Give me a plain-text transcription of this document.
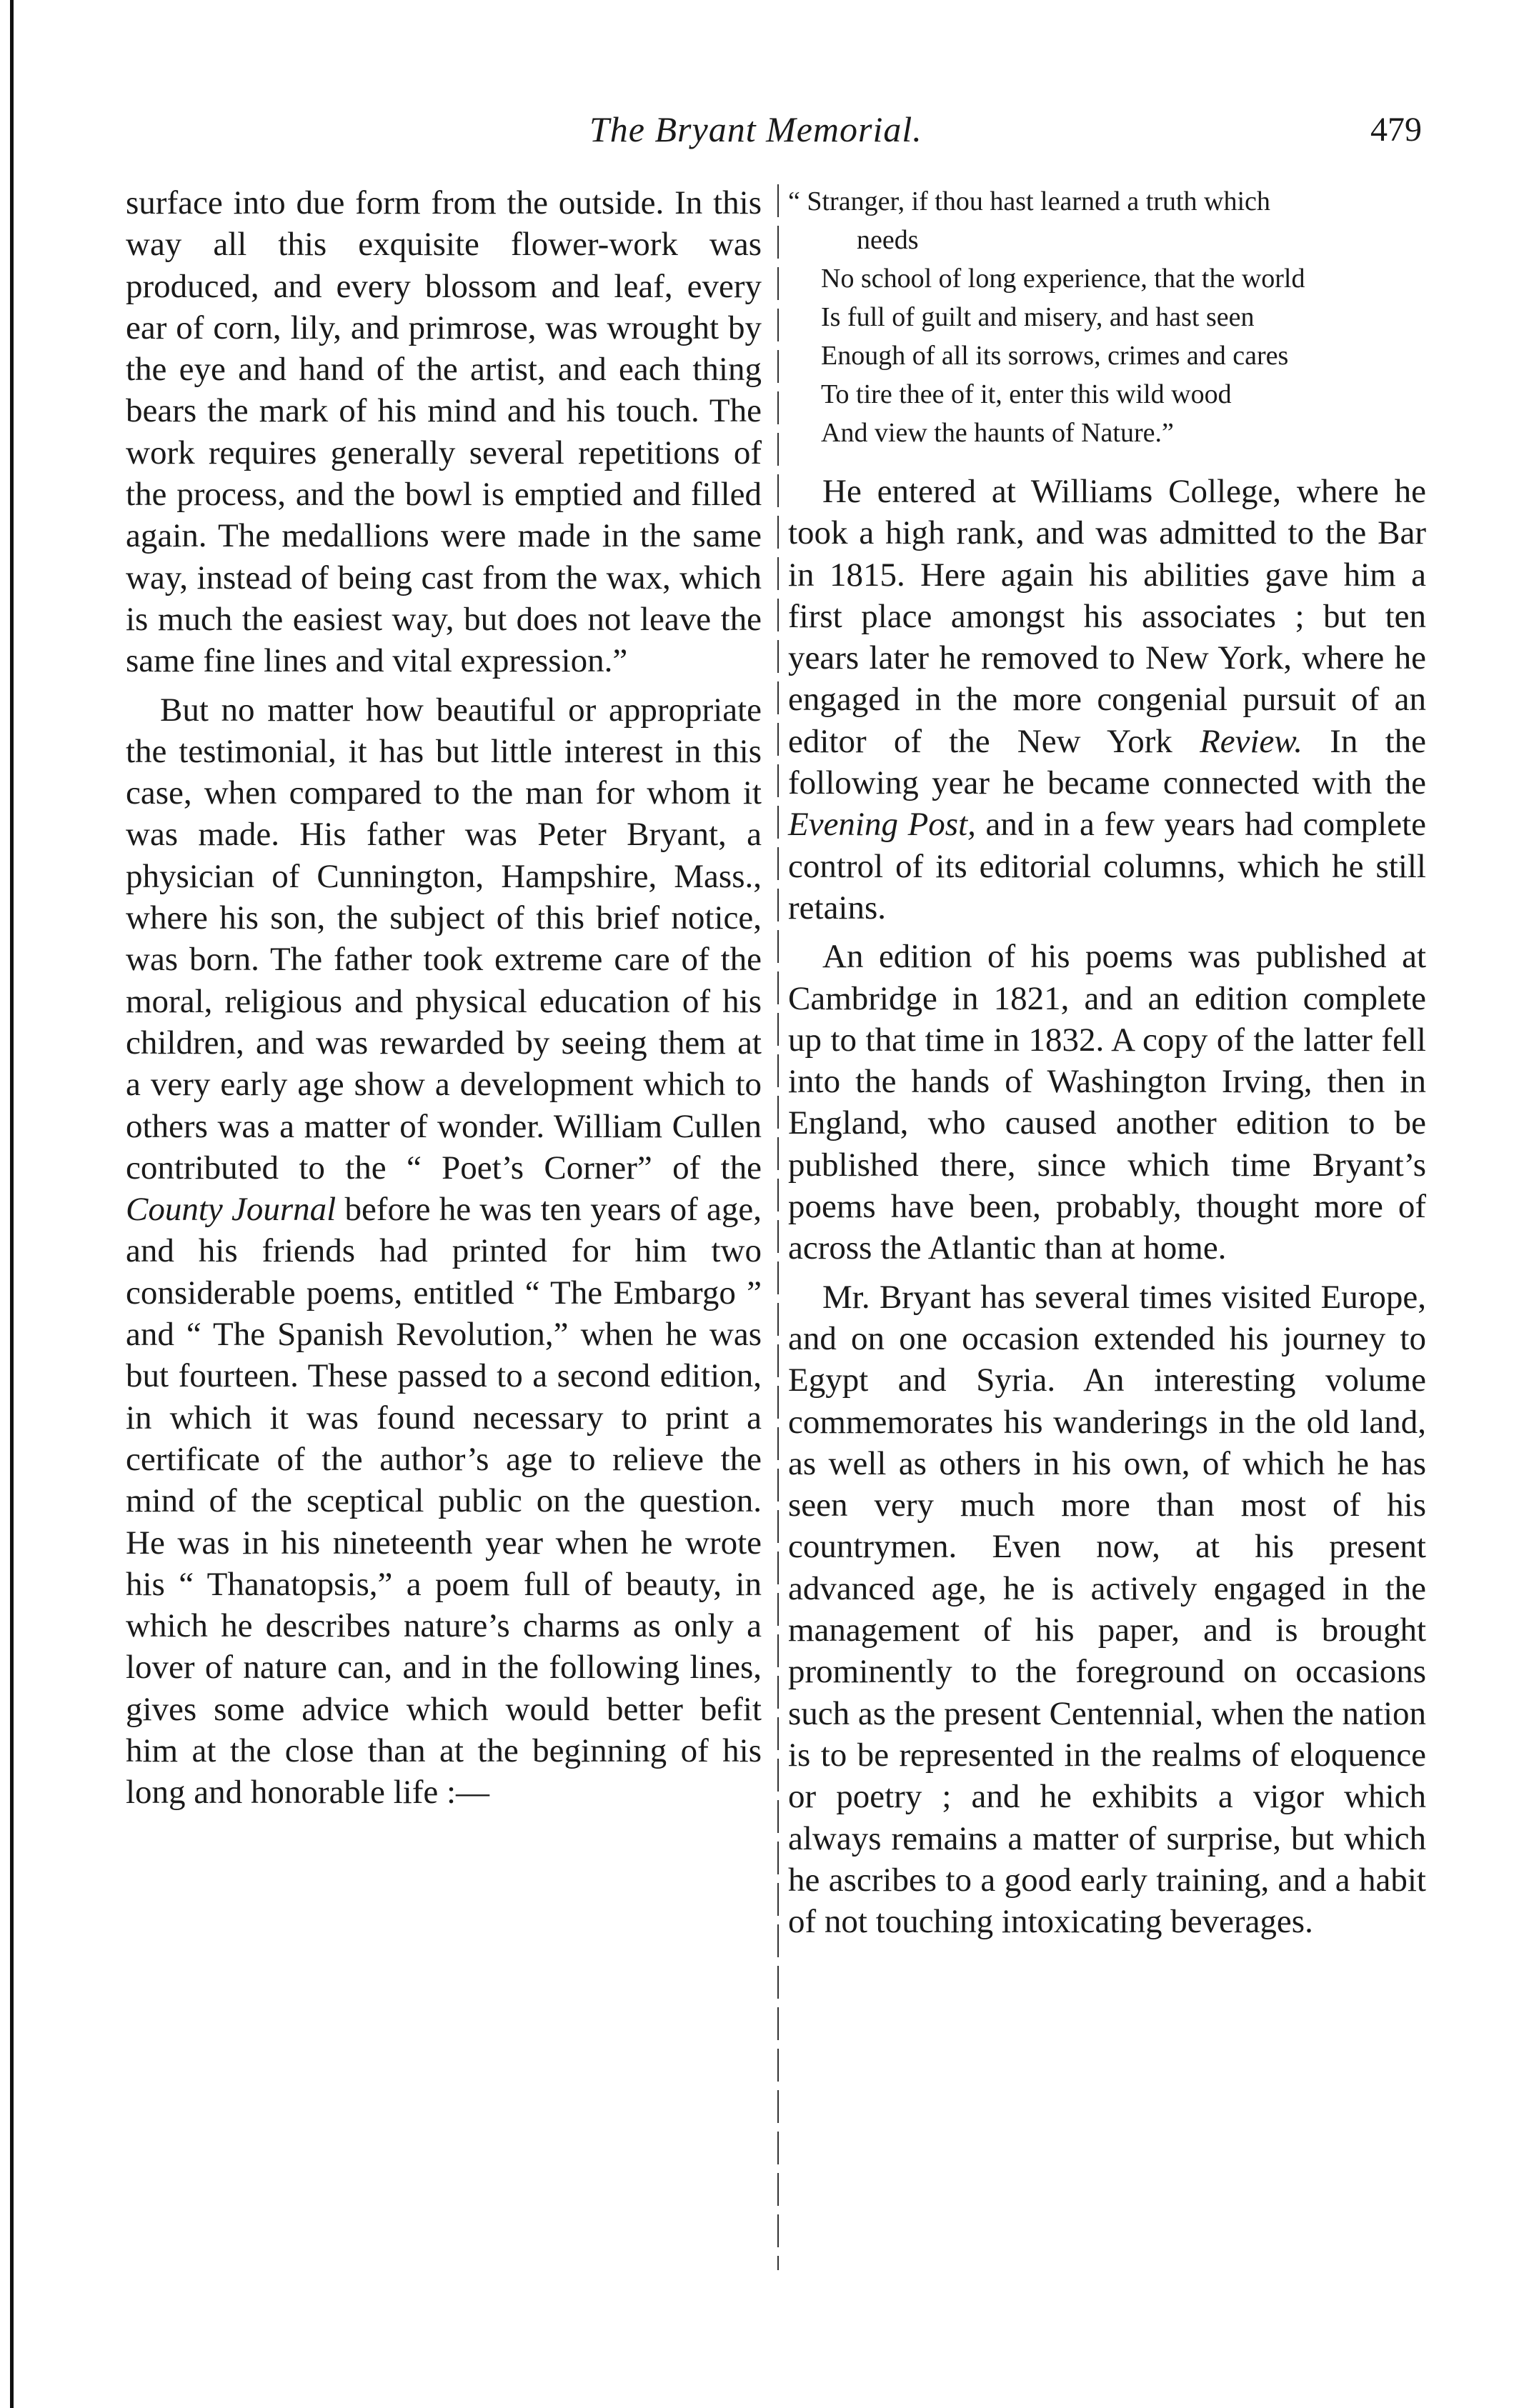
The Bryant Memorial.	479

surface into due form from the outside. In this way all this exquisite flower-work was produced, and every blossom and leaf, every ear of corn, lily, and primrose, was wrought by the eye and hand of the artist, and each thing bears the mark of his mind and his touch. The work requires generally several repetitions of the process, and the bowl is emptied and filled again. The medallions were made in the same way, instead of being cast from the wax, which is much the easiest way, but does not leave the same fine lines and vital expression.”

But no matter how beautiful or appropriate the testimonial, it has but little interest in this case, when compared to the man for whom it was made. His father was Peter Bryant, a physician of Cunnington, Hampshire, Mass., where his son, the subject of this brief notice, was born. The father took extreme care of the moral, religious and physical education of his children, and was rewarded by seeing them at a very early age show a development which to others was a matter of wonder. William Cullen contributed to the “ Poet’s Corner” of the County Journal before he was ten years of age, and his friends had printed for him two considerable poems, entitled “ The Embargo ” and “ The Spanish Revolution,” when he was but fourteen. These passed to a second edition, in which it was found necessary to print a certificate of the author’s age to relieve the mind of the sceptical public on the question. He was in his nineteenth year when he wrote his “ Thanatopsis,” a poem full of beauty, in which he describes nature’s charms as only a lover of nature can, and in the following lines, gives some advice which would better befit him at the close than at the beginning of his long and honorable life :—

“ Stranger, if thou hast learned a truth which
needs
No school of long experience, that the world
Is full of guilt and misery, and hast seen
Enough of all its sorrows, crimes and cares
To tire thee of it, enter this wild wood
And view the haunts of Nature.”

He entered at Williams College, where he took a high rank, and was admitted to the Bar in 1815. Here again his abilities gave him a first place amongst his associates ; but ten years later he removed to New York, where he engaged in the more congenial pursuit of an editor of the New York Review. In the following year he became connected with the Evening Post, and in a few years had complete control of its editorial columns, which he still retains.

An edition of his poems was published at Cambridge in 1821, and an edition complete up to that time in 1832. A copy of the latter fell into the hands of Washington Irving, then in England, who caused another edition to be published there, since which time Bryant’s poems have been, probably, thought more of across the Atlantic than at home.

Mr. Bryant has several times visited Europe, and on one occasion extended his journey to Egypt and Syria. An interesting volume commemorates his wanderings in the old land, as well as others in his own, of which he has seen very much more than most of his countrymen. Even now, at his present advanced age, he is actively engaged in the management of his paper, and is brought prominently to the foreground on occasions such as the present Centennial, when the nation is to be represented in the realms of eloquence or poetry ; and he exhibits a vigor which always remains a matter of surprise, but which he ascribes to a good early training, and a habit of not touching intoxicating beverages.
